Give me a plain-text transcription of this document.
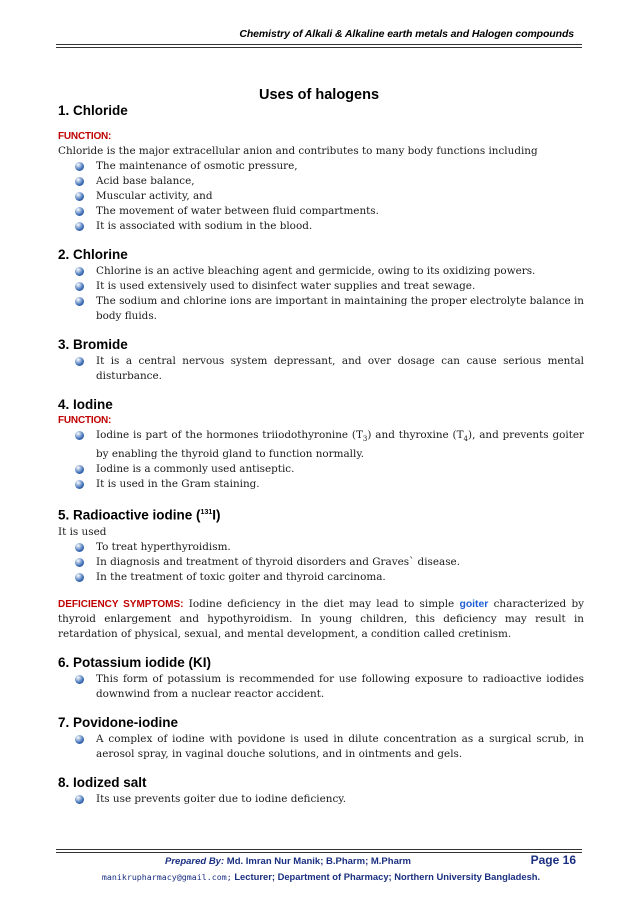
Chemistry of Alkali & Alkaline earth metals and Halogen compounds
Uses of halogens
1. Chloride
FUNCTION:

Chloride is the major extracellular anion and contributes to many body functions including

The maintenance of osmotic pressure,
Acid base balance,
Muscular activity, and
The movement of water between fluid compartments.
It is associated with sodium in the blood.
2. Chlorine
Chlorine is an active bleaching agent and germicide, owing to its oxidizing powers.
It is used extensively used to disinfect water supplies and treat sewage.
The sodium and chlorine ions are important in maintaining the proper electrolyte balance in body fluids.
3. Bromide
It is a central nervous system depressant, and over dosage can cause serious mental disturbance.
4. Iodine
FUNCTION:
Iodine is part of the hormones triiodothyronine $(T_3)$ and thyroxine $(T_4)$, and prevents goiter by enabling the thyroid gland to function normally.
Iodine is a commonly used antiseptic.
It is used in the Gram staining.
5. Radioactive iodine ($^{131}$I)

It is used

To treat hyperthyroidism.
In diagnosis and treatment of thyroid disorders and Graves` disease.
In the treatment of toxic goiter and thyroid carcinoma.

DEFICIENCY SYMPTOMS: Iodine deficiency in the diet may lead to simple goiter characterized by thyroid enlargement and hypothyroidism. In young children, this deficiency may result in retardation of physical, sexual, and mental development, a condition called cretinism.

6. Potassium iodide (KI)
This form of potassium is recommended for use following exposure to radioactive iodides downwind from a nuclear reactor accident.
7. Povidone-iodine
A complex of iodine with povidone is used in dilute concentration as a surgical scrub, in aerosol spray, in vaginal douche solutions, and in ointments and gels.
8. Iodized salt
Its use prevents goiter due to iodine deficiency.
Prepared By: Md. Imran Nur Manik; B.Pharm; M.Pharm	Page 16
manikrupharmacy@gmail.com; Lecturer; Department of Pharmacy; Northern University Bangladesh.
